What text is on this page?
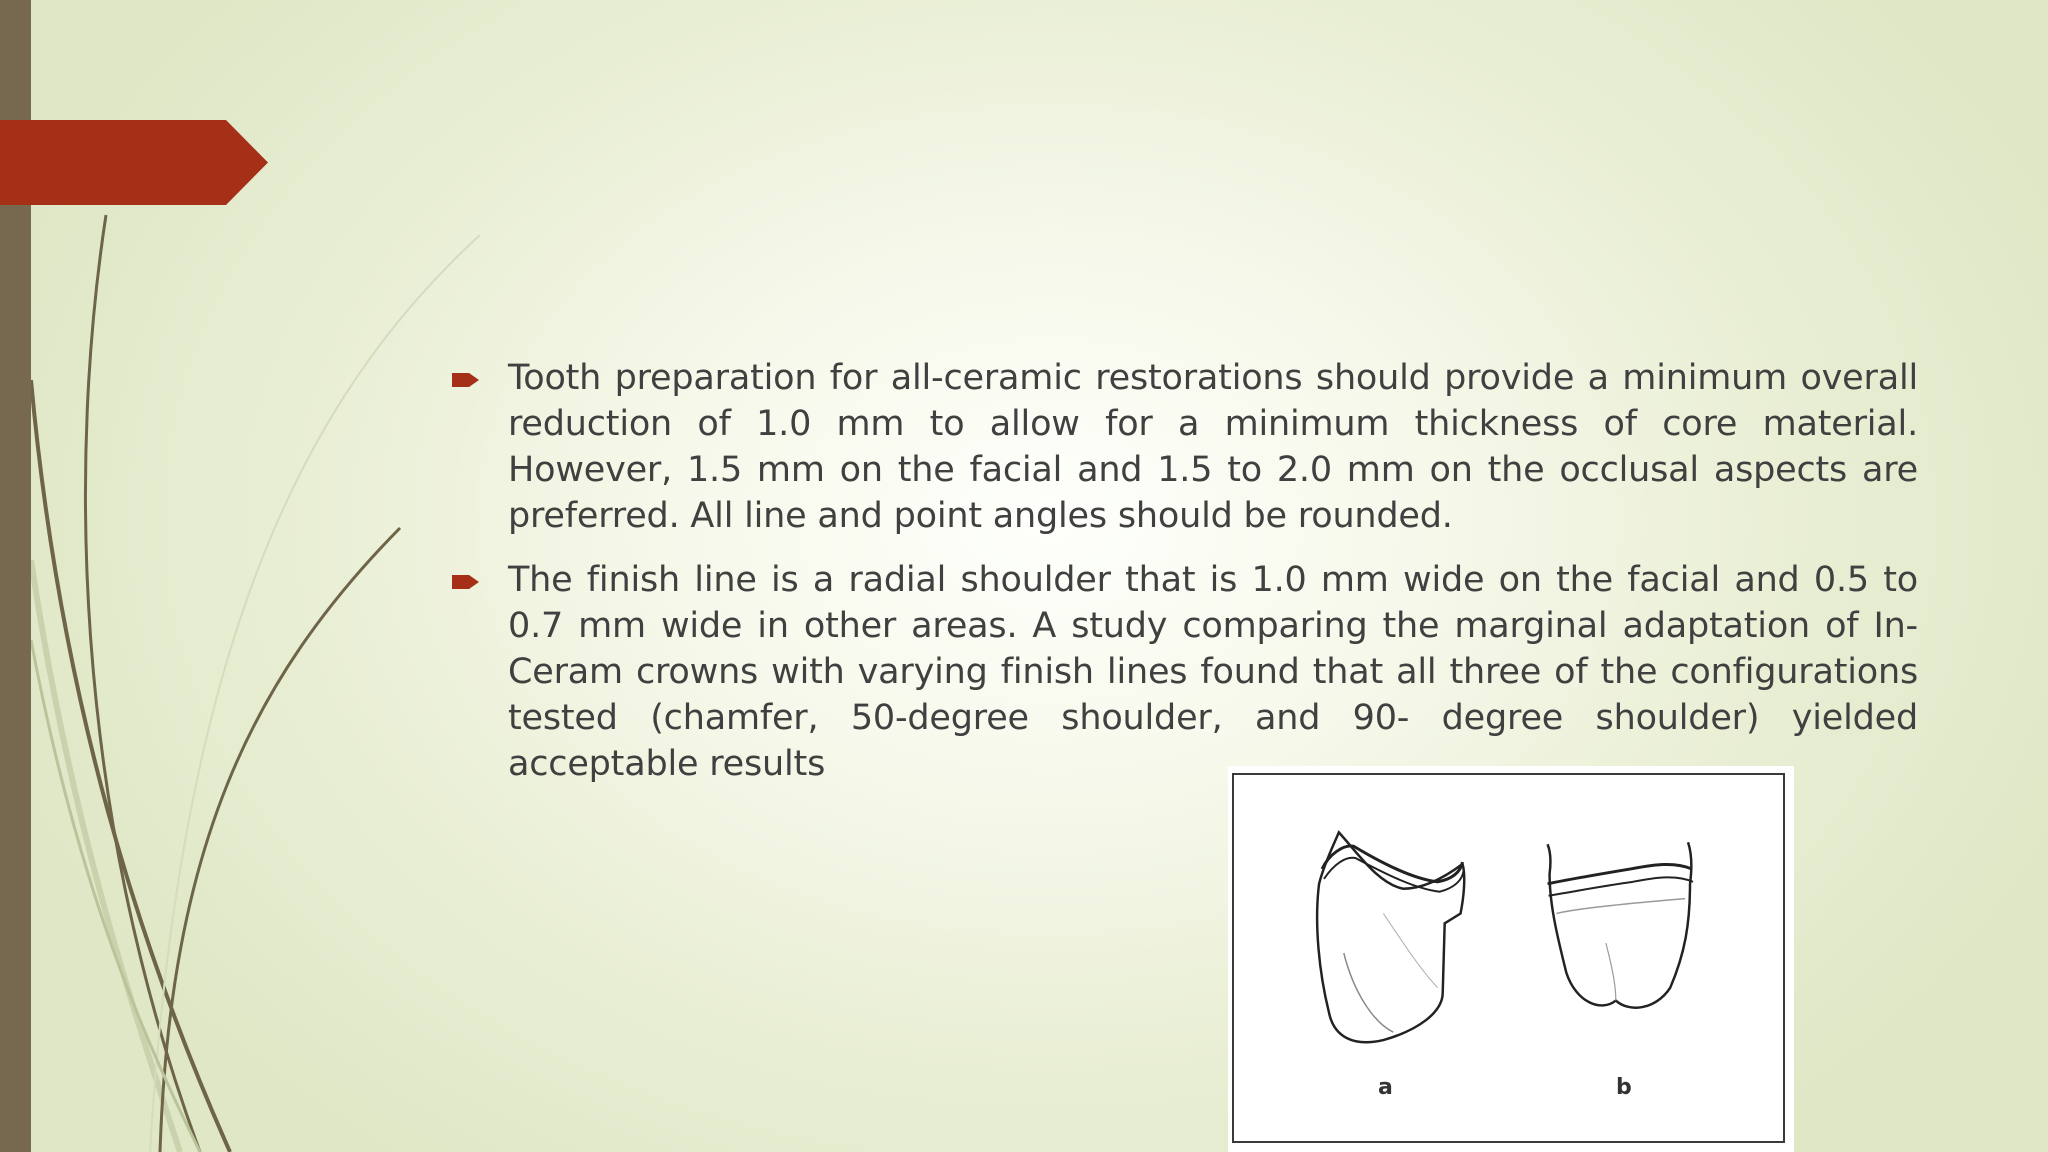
Tooth preparation for all-ceramic restorations should provide a minimum overall reduction of 1.0 mm to allow for a minimum thickness of core material. However, 1.5 mm on the facial and 1.5 to 2.0 mm on the occlusal aspects are preferred. All line and point angles should be rounded.

The finish line is a radial shoulder that is 1.0 mm wide on the facial and 0.5 to 0.7 mm wide in other areas. A study comparing the marginal adaptation of In-Ceram crowns with varying finish lines found that all three of the configurations tested (chamfer, 50-degree shoulder, and 90- degree shoulder) yielded acceptable results

a	b
